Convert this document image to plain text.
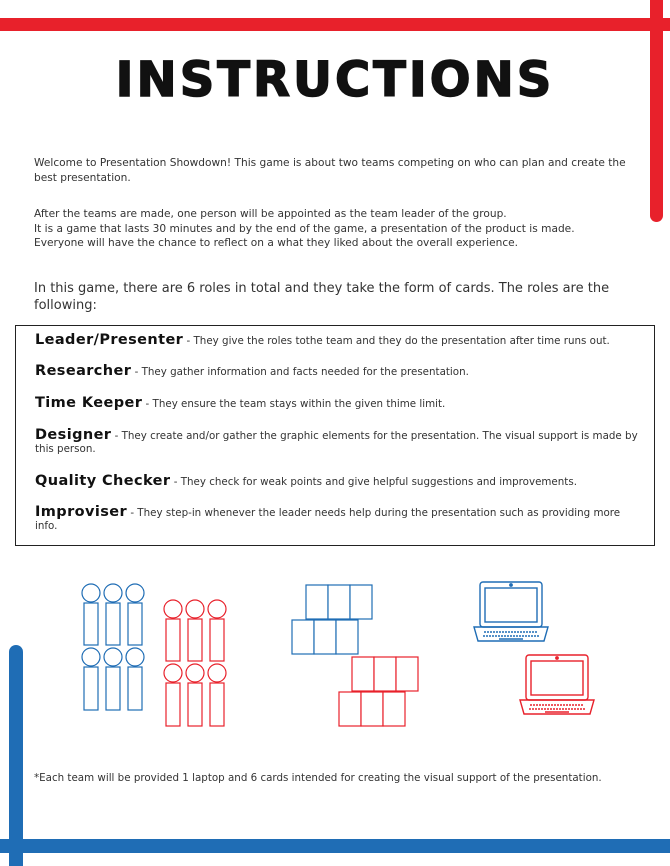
INSTRUCTIONS
Welcome to Presentation Showdown! This game is about two teams competing on who can plan and create the best presentation.
After the teams are made, one person will be appointed as the team leader of the group.
It is a game that lasts 30 minutes and by the end of the game, a presentation of the product is made.
Everyone will have the chance to reflect on a what they liked about the overall experience.
In this game, there are 6 roles in total and they take the form of cards. The roles are the following:
Leader/Presenter - They give the roles tothe team and they do the presentation after time runs out.
Researcher - They gather information and facts needed for the presentation.
Time Keeper - They ensure the team stays within the given thime limit.
Designer - They create and/or gather the graphic elements for the presentation. The visual support is made by this person.
Quality Checker - They check for weak points and give helpful suggestions and improvements.
Improviser - They step-in whenever the leader needs help during the presentation such as providing more info.
*Each team will be provided 1 laptop and 6 cards intended for creating the visual support of the presentation.
